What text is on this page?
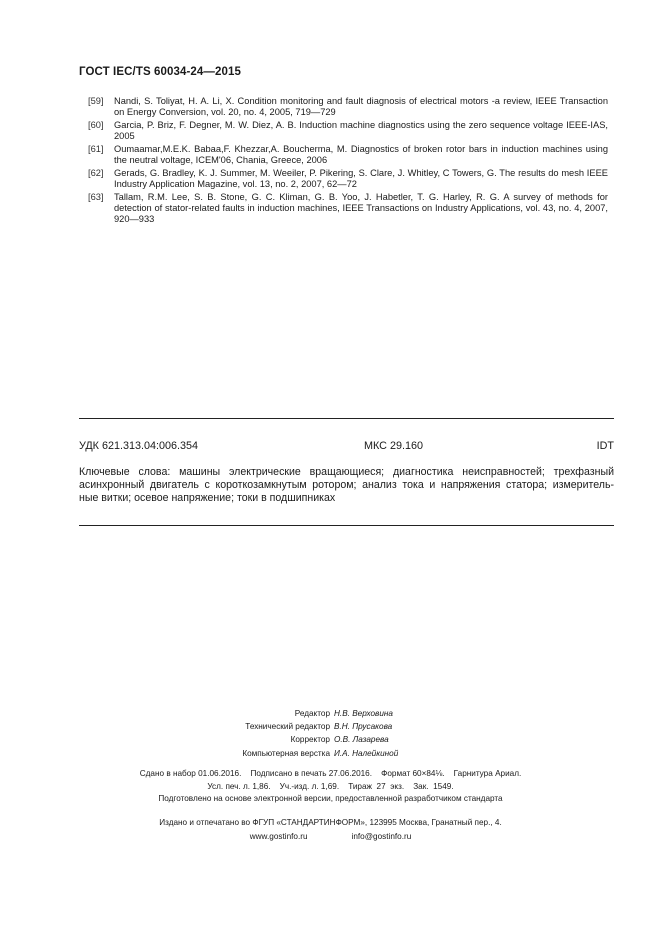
ГОСТ IEC/TS 60034-24—2015
[59]	Nandi, S. Toliyat, H. A. Li, X. Condition monitoring and fault diagnosis of electrical motors -a review, IEEE Transaction on Energy Conversion, vol. 20, no. 4, 2005, 719—729
[60]	Garcia, P. Briz, F. Degner, M. W. Diez, A. B. Induction machine diagnostics using the zero sequence voltage IEEE-IAS, 2005
[61]	Oumaamar,M.E.K. Babaa,F. Khezzar,A. Boucherma, M. Diagnostics of broken rotor bars in induction machines using the neutral voltage, ICEM'06, Chania, Greece, 2006
[62]	Gerads, G. Bradley, K. J. Summer, M. Weeiler, P. Pikering, S. Clare, J. Whitley, C Towers, G. The results do mesh IEEE Industry Application Magazine, vol. 13, no. 2, 2007, 62—72
[63]	Tallam, R.M. Lee, S. B. Stone, G. C. Kliman, G. B. Yoo, J. Habetler, T. G. Harley, R. G. A survey of methods for detection of stator-related faults in induction machines, IEEE Transactions on Industry Applications, vol. 43, no. 4, 2007, 920—933
УДК 621.313.04:006.354	МКС 29.160	IDT
Ключевые слова: машины электрические вращающиеся; диагностика неисправностей; трехфазный
асинхронный двигатель с короткозамкнутым ротором; анализ тока и напряжения статора; измеритель-
ные витки; осевое напряжение; токи в подшипниках
Редактор Н.В. Верховина
Технический редактор В.Н. Прусакова
Корректор О.В. Лазарева
Компьютерная верстка И.А. Налейкиной
Сдано в набор 01.06.2016.    Подписано в печать 27.06.2016.    Формат 60×84⅛.    Гарнитура Ариал.
Усл. печ. л. 1,86.    Уч.-изд. л. 1,69.    Тираж  27  экз.    Зак.  1549.
Подготовлено на основе электронной версии, предоставленной разработчиком стандарта
Издано и отпечатано во ФГУП «СТАНДАРТИНФОРМ», 123995 Москва, Гранатный пер., 4.
www.gostinfo.ru	info@gostinfo.ru
